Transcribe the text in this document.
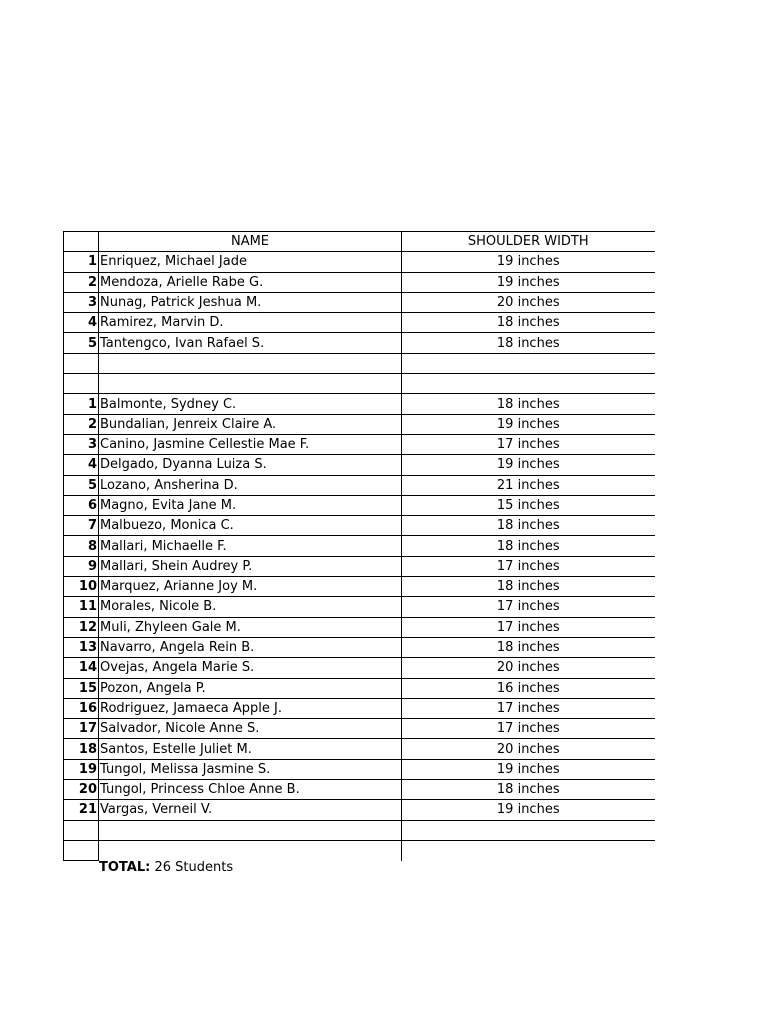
	NAME	SHOULDER WIDTH
1	Enriquez, Michael Jade	19 inches
2	Mendoza, Arielle Rabe G.	19 inches
3	Nunag, Patrick Jeshua M.	20 inches
4	Ramirez, Marvin D.	18 inches
5	Tantengco, Ivan Rafael S.	18 inches

1	Balmonte, Sydney C.	18 inches
2	Bundalian, Jenreix Claire A.	19 inches
3	Canino, Jasmine Cellestie Mae F.	17 inches
4	Delgado, Dyanna Luiza S.	19 inches
5	Lozano, Ansherina D.	21 inches
6	Magno, Evita Jane M.	15 inches
7	Malbuezo, Monica C.	18 inches
8	Mallari, Michaelle F.	18 inches
9	Mallari, Shein Audrey P.	17 inches
10	Marquez, Arianne Joy M.	18 inches
11	Morales, Nicole B.	17 inches
12	Muli, Zhyleen Gale M.	17 inches
13	Navarro, Angela Rein B.	18 inches
14	Ovejas, Angela Marie S.	20 inches
15	Pozon, Angela P.	16 inches
16	Rodriguez, Jamaeca Apple J.	17 inches
17	Salvador, Nicole Anne S.	17 inches
18	Santos, Estelle Juliet M.	20 inches
19	Tungol, Melissa Jasmine S.	19 inches
20	Tungol, Princess Chloe Anne B.	18 inches
21	Vargas, Verneil V.	19 inches

TOTAL: 26 Students
